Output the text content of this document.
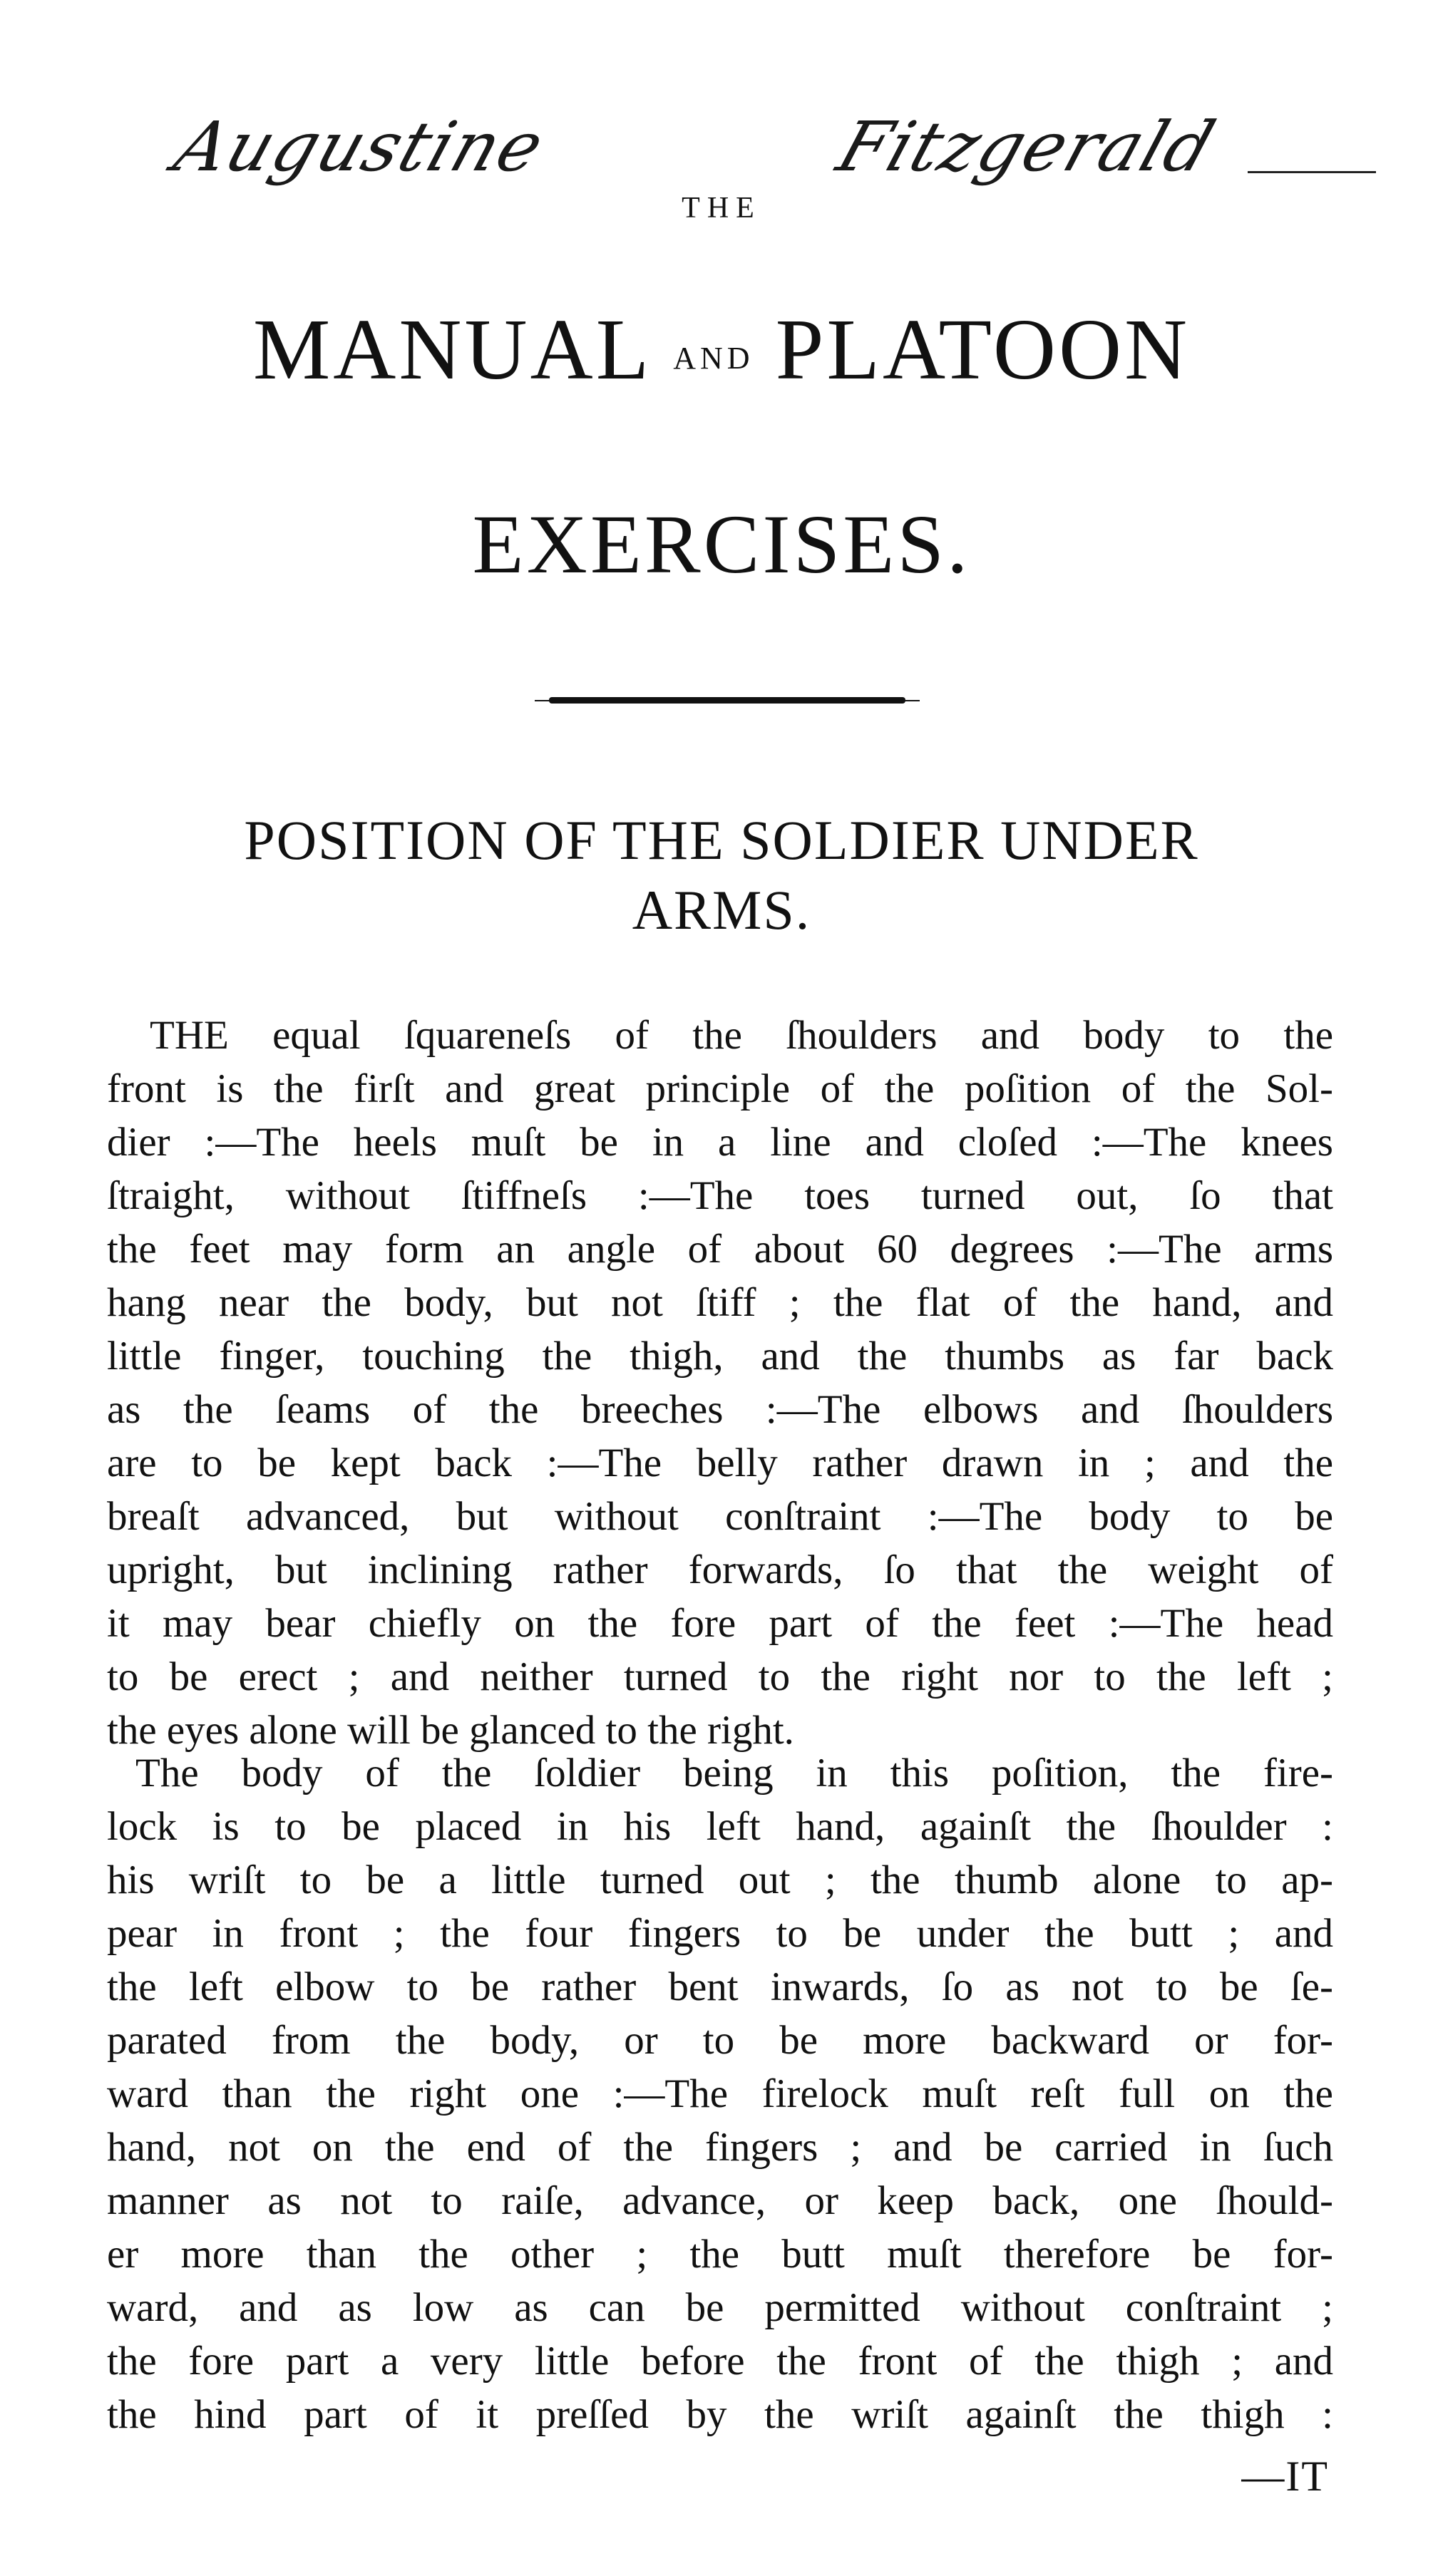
Augustine	Fitzgerald
THE
MANUAL AND PLATOON
EXERCISES.
POSITION OF THE SOLDIER UNDER
ARMS.
THE equal ſquareneſs of the ſhoulders and body to the
front is the firſt and great principle of the poſition of the Sol-
dier :—The heels muſt be in a line and cloſed :—The knees
ſtraight, without ſtiffneſs :—The toes turned out, ſo that
the feet may form an angle of about 60 degrees :—The arms
hang near the body, but not ſtiff ; the flat of the hand, and
little finger, touching the thigh, and the thumbs as far back
as the ſeams of the breeches :—The elbows and ſhoulders
are to be kept back :—The belly rather drawn in ; and the
breaſt advanced, but without conſtraint :—The body to be
upright, but inclining rather forwards, ſo that the weight of
it may bear chiefly on the fore part of the feet :—The head
to be erect ; and neither turned to the right nor to the left ;
the eyes alone will be glanced to the right.
The body of the ſoldier being in this poſition, the fire-
lock is to be placed in his left hand, againſt the ſhoulder :
his wriſt to be a little turned out ; the thumb alone to ap-
pear in front ; the four fingers to be under the butt ; and
the left elbow to be rather bent inwards, ſo as not to be ſe-
parated from the body, or to be more backward or for-
ward than the right one :—The firelock muſt reſt full on the
hand, not on the end of the fingers ; and be carried in ſuch
manner as not to raiſe, advance, or keep back, one ſhould-
er more than the other ; the butt muſt therefore be for-
ward, and as low as can be permitted without conſtraint ;
the fore part a very little before the front of the thigh ; and
the hind part of it preſſed by the wriſt againſt the thigh :
—IT
